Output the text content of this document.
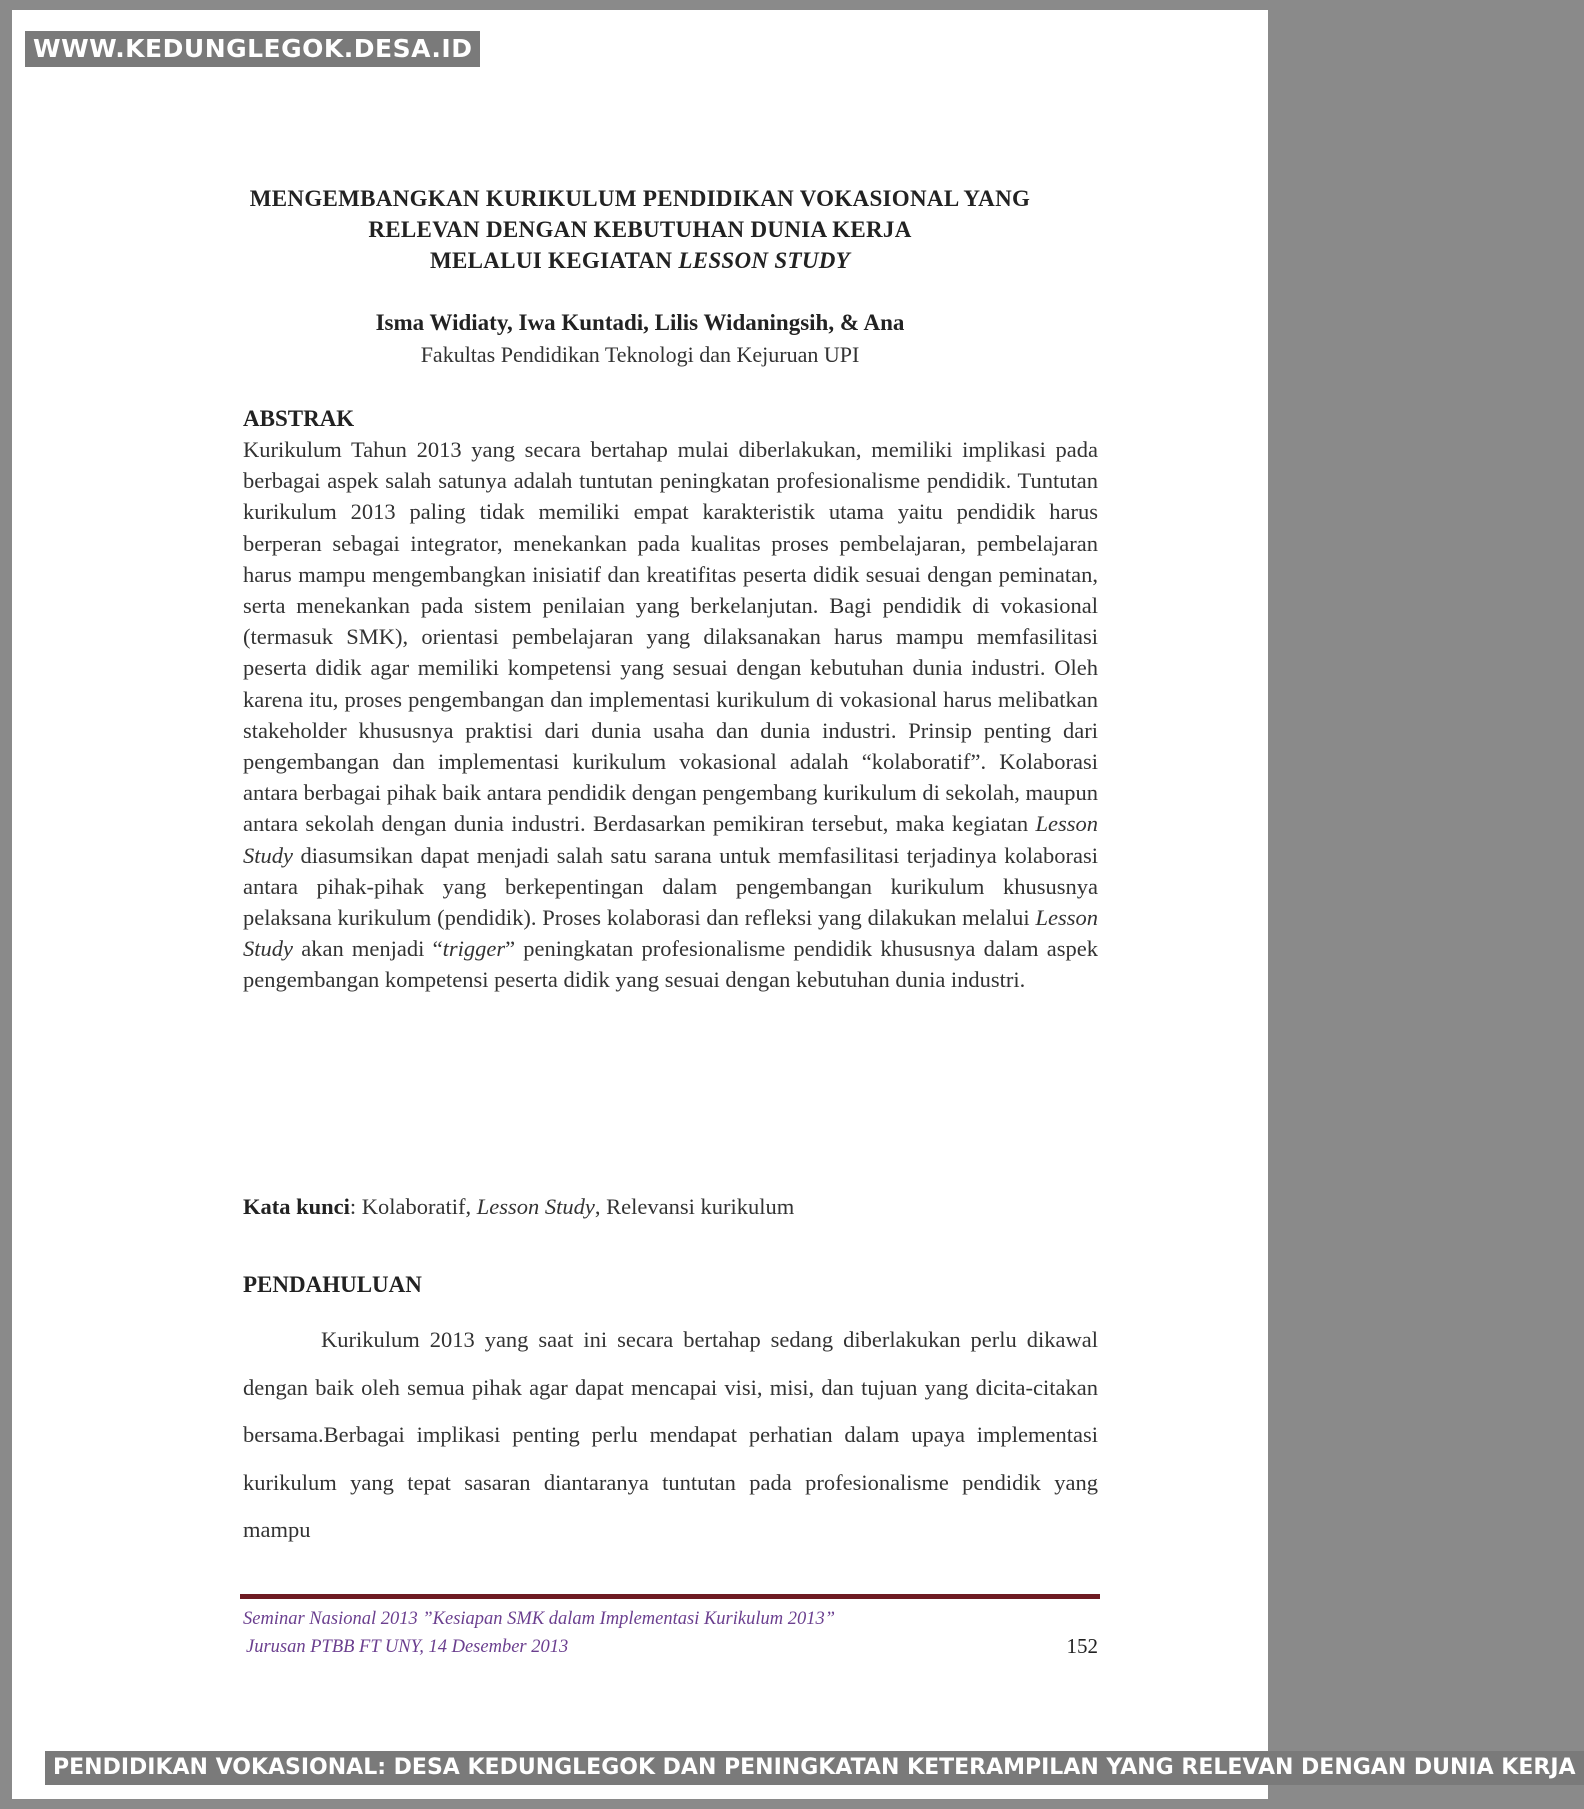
WWW.KEDUNGLEGOK.DESA.ID
MENGEMBANGKAN KURIKULUM PENDIDIKAN VOKASIONAL YANG
RELEVAN DENGAN KEBUTUHAN DUNIA KERJA
MELALUI KEGIATAN LESSON STUDY
Isma Widiaty, Iwa Kuntadi, Lilis Widaningsih, & Ana
Fakultas Pendidikan Teknologi dan Kejuruan UPI
ABSTRAK

Kurikulum Tahun 2013 yang secara bertahap mulai diberlakukan, memiliki implikasi pada berbagai aspek salah satunya adalah tuntutan peningkatan profesionalisme pendidik. Tuntutan kurikulum 2013 paling tidak memiliki empat karakteristik utama yaitu pendidik harus berperan sebagai integrator, menekankan pada kualitas proses pembelajaran, pembelajaran harus mampu mengembangkan inisiatif dan kreatifitas peserta didik sesuai dengan peminatan, serta menekankan pada sistem penilaian yang berkelanjutan. Bagi pendidik di vokasional (termasuk SMK), orientasi pembelajaran yang dilaksanakan harus mampu memfasilitasi peserta didik agar memiliki kompetensi yang sesuai dengan kebutuhan dunia industri. Oleh karena itu, proses pengembangan dan implementasi kurikulum di vokasional harus melibatkan stakeholder khususnya praktisi dari dunia usaha dan dunia industri. Prinsip penting dari pengembangan dan implementasi kurikulum vokasional adalah “kolaboratif”. Kolaborasi antara berbagai pihak baik antara pendidik dengan pengembang kurikulum di sekolah, maupun antara sekolah dengan dunia industri. Berdasarkan pemikiran tersebut, maka kegiatan Lesson Study diasumsikan dapat menjadi salah satu sarana untuk memfasilitasi terjadinya kolaborasi antara pihak-pihak yang berkepentingan dalam pengembangan kurikulum khususnya pelaksana kurikulum (pendidik). Proses kolaborasi dan refleksi yang dilakukan melalui Lesson Study akan menjadi “trigger” peningkatan profesionalisme pendidik khususnya dalam aspek pengembangan kompetensi peserta didik yang sesuai dengan kebutuhan dunia industri.

Kata kunci: Kolaboratif, Lesson Study, Relevansi kurikulum
PENDAHULUAN

Kurikulum 2013 yang saat ini secara bertahap sedang diberlakukan perlu dikawal dengan baik oleh semua pihak agar dapat mencapai visi, misi, dan tujuan yang dicita-citakan bersama.Berbagai implikasi penting perlu mendapat perhatian dalam upaya implementasi kurikulum yang tepat sasaran diantaranya tuntutan pada profesionalisme pendidik yang mampu

Seminar Nasional 2013 ”Kesiapan SMK dalam Implementasi Kurikulum 2013”
Jurusan PTBB FT UNY, 14 Desember 2013	152
PENDIDIKAN VOKASIONAL: DESA KEDUNGLEGOK DAN PENINGKATAN KETERAMPILAN YANG RELEVAN DENGAN DUNIA KERJA
